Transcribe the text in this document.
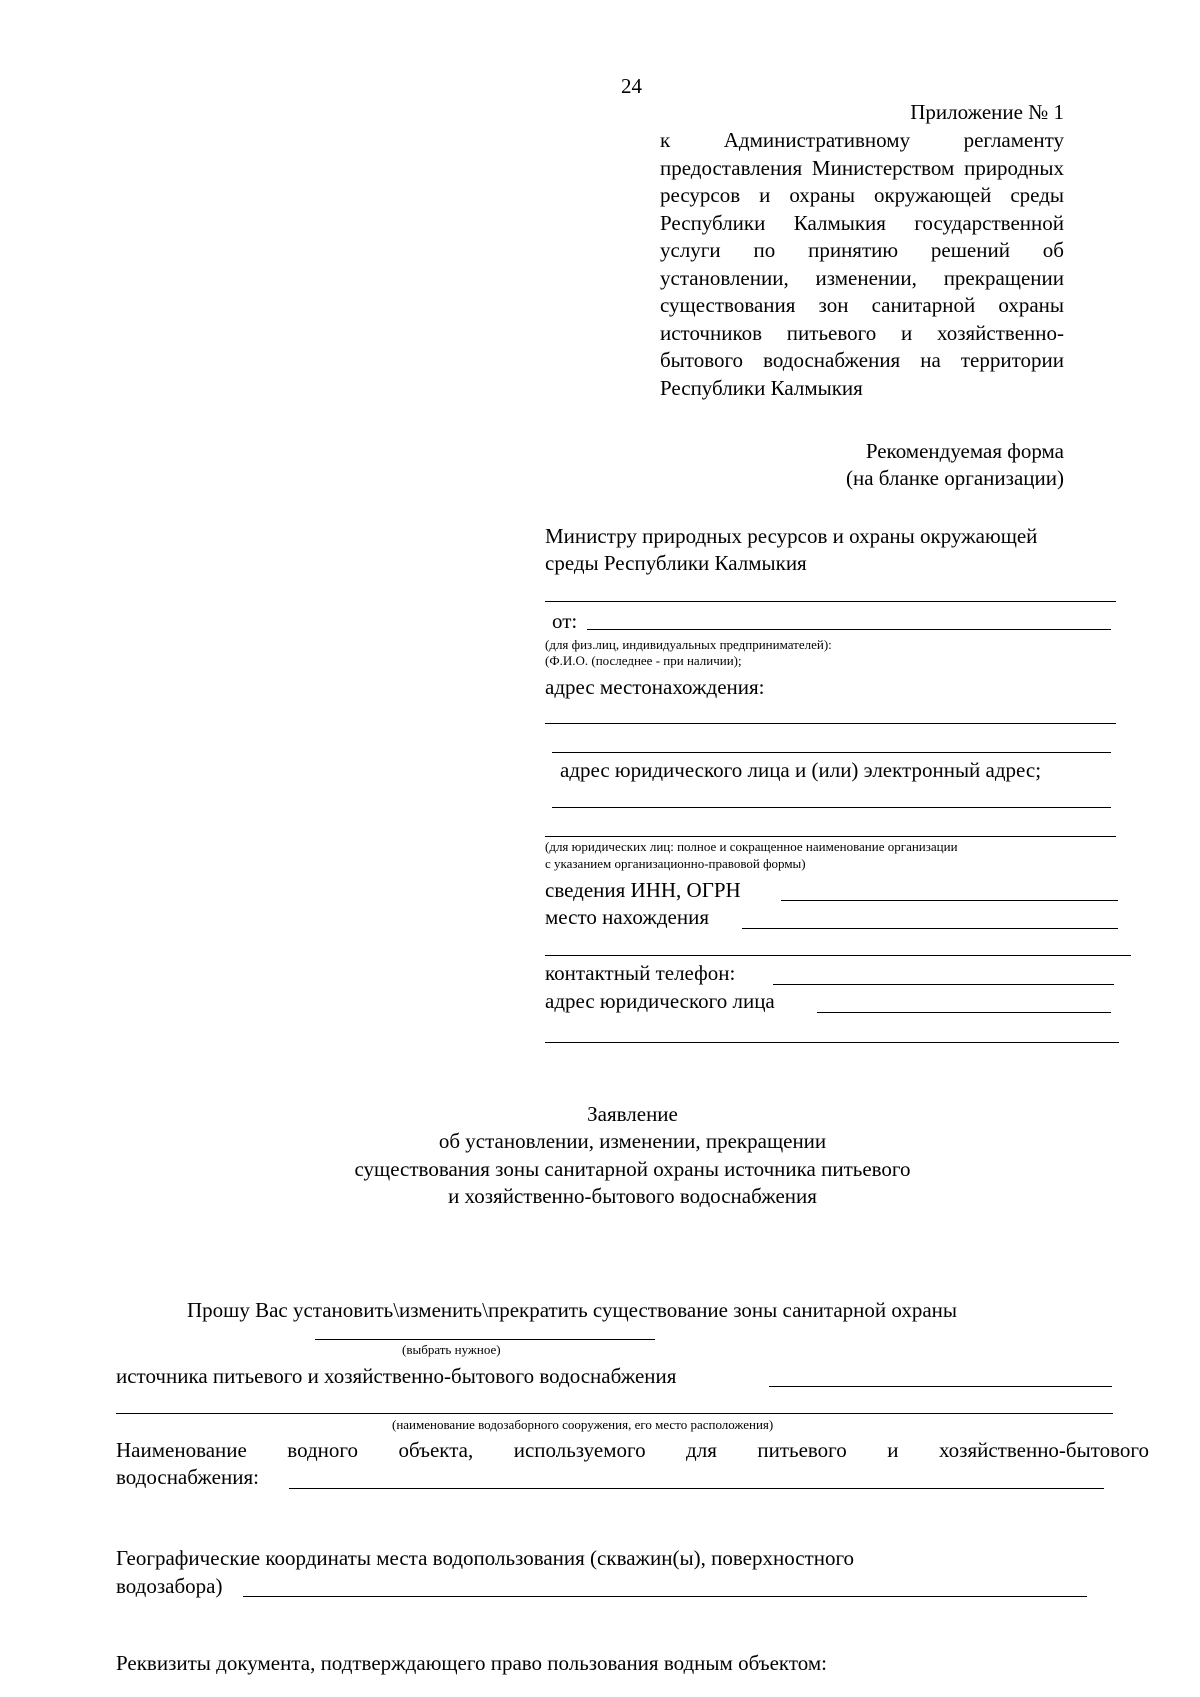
24
Приложение № 1
к Административному регламенту
предоставления Министерством природных
ресурсов и охраны окружающей среды
Республики Калмыкия государственной
услуги по принятию решений об
установлении, изменении, прекращении
существования зон санитарной охраны
источников питьевого и хозяйственно-
бытового водоснабжения на территории
Республики Калмыкия
Рекомендуемая форма
(на бланке организации)
Министру природных ресурсов и охраны окружающей
среды Республики Калмыкия
от:
(для физ.лиц, индивидуальных предпринимателей):
(Ф.И.О. (последнее - при наличии);
адрес местонахождения:
адрес юридического лица и (или) электронный адрес;
(для юридических лиц: полное и сокращенное наименование организации
с указанием организационно-правовой формы)
сведения ИНН, ОГРН
место нахождения
контактный телефон:
адрес юридического лица
Заявление
об установлении, изменении, прекращении
существования зоны санитарной охраны источника питьевого
и хозяйственно-бытового водоснабжения
Прошу Вас установить\изменить\прекратить существование зоны санитарной охраны
(выбрать нужное)
источника питьевого и хозяйственно-бытового водоснабжения
(наименование водозаборного сооружения, его место расположения)
Наименование водного объекта, используемого для питьевого и хозяйственно-бытового
водоснабжения:
Географические координаты места водопользования (скважин(ы), поверхностного
водозабора)
Реквизиты документа, подтверждающего право пользования водным объектом:
